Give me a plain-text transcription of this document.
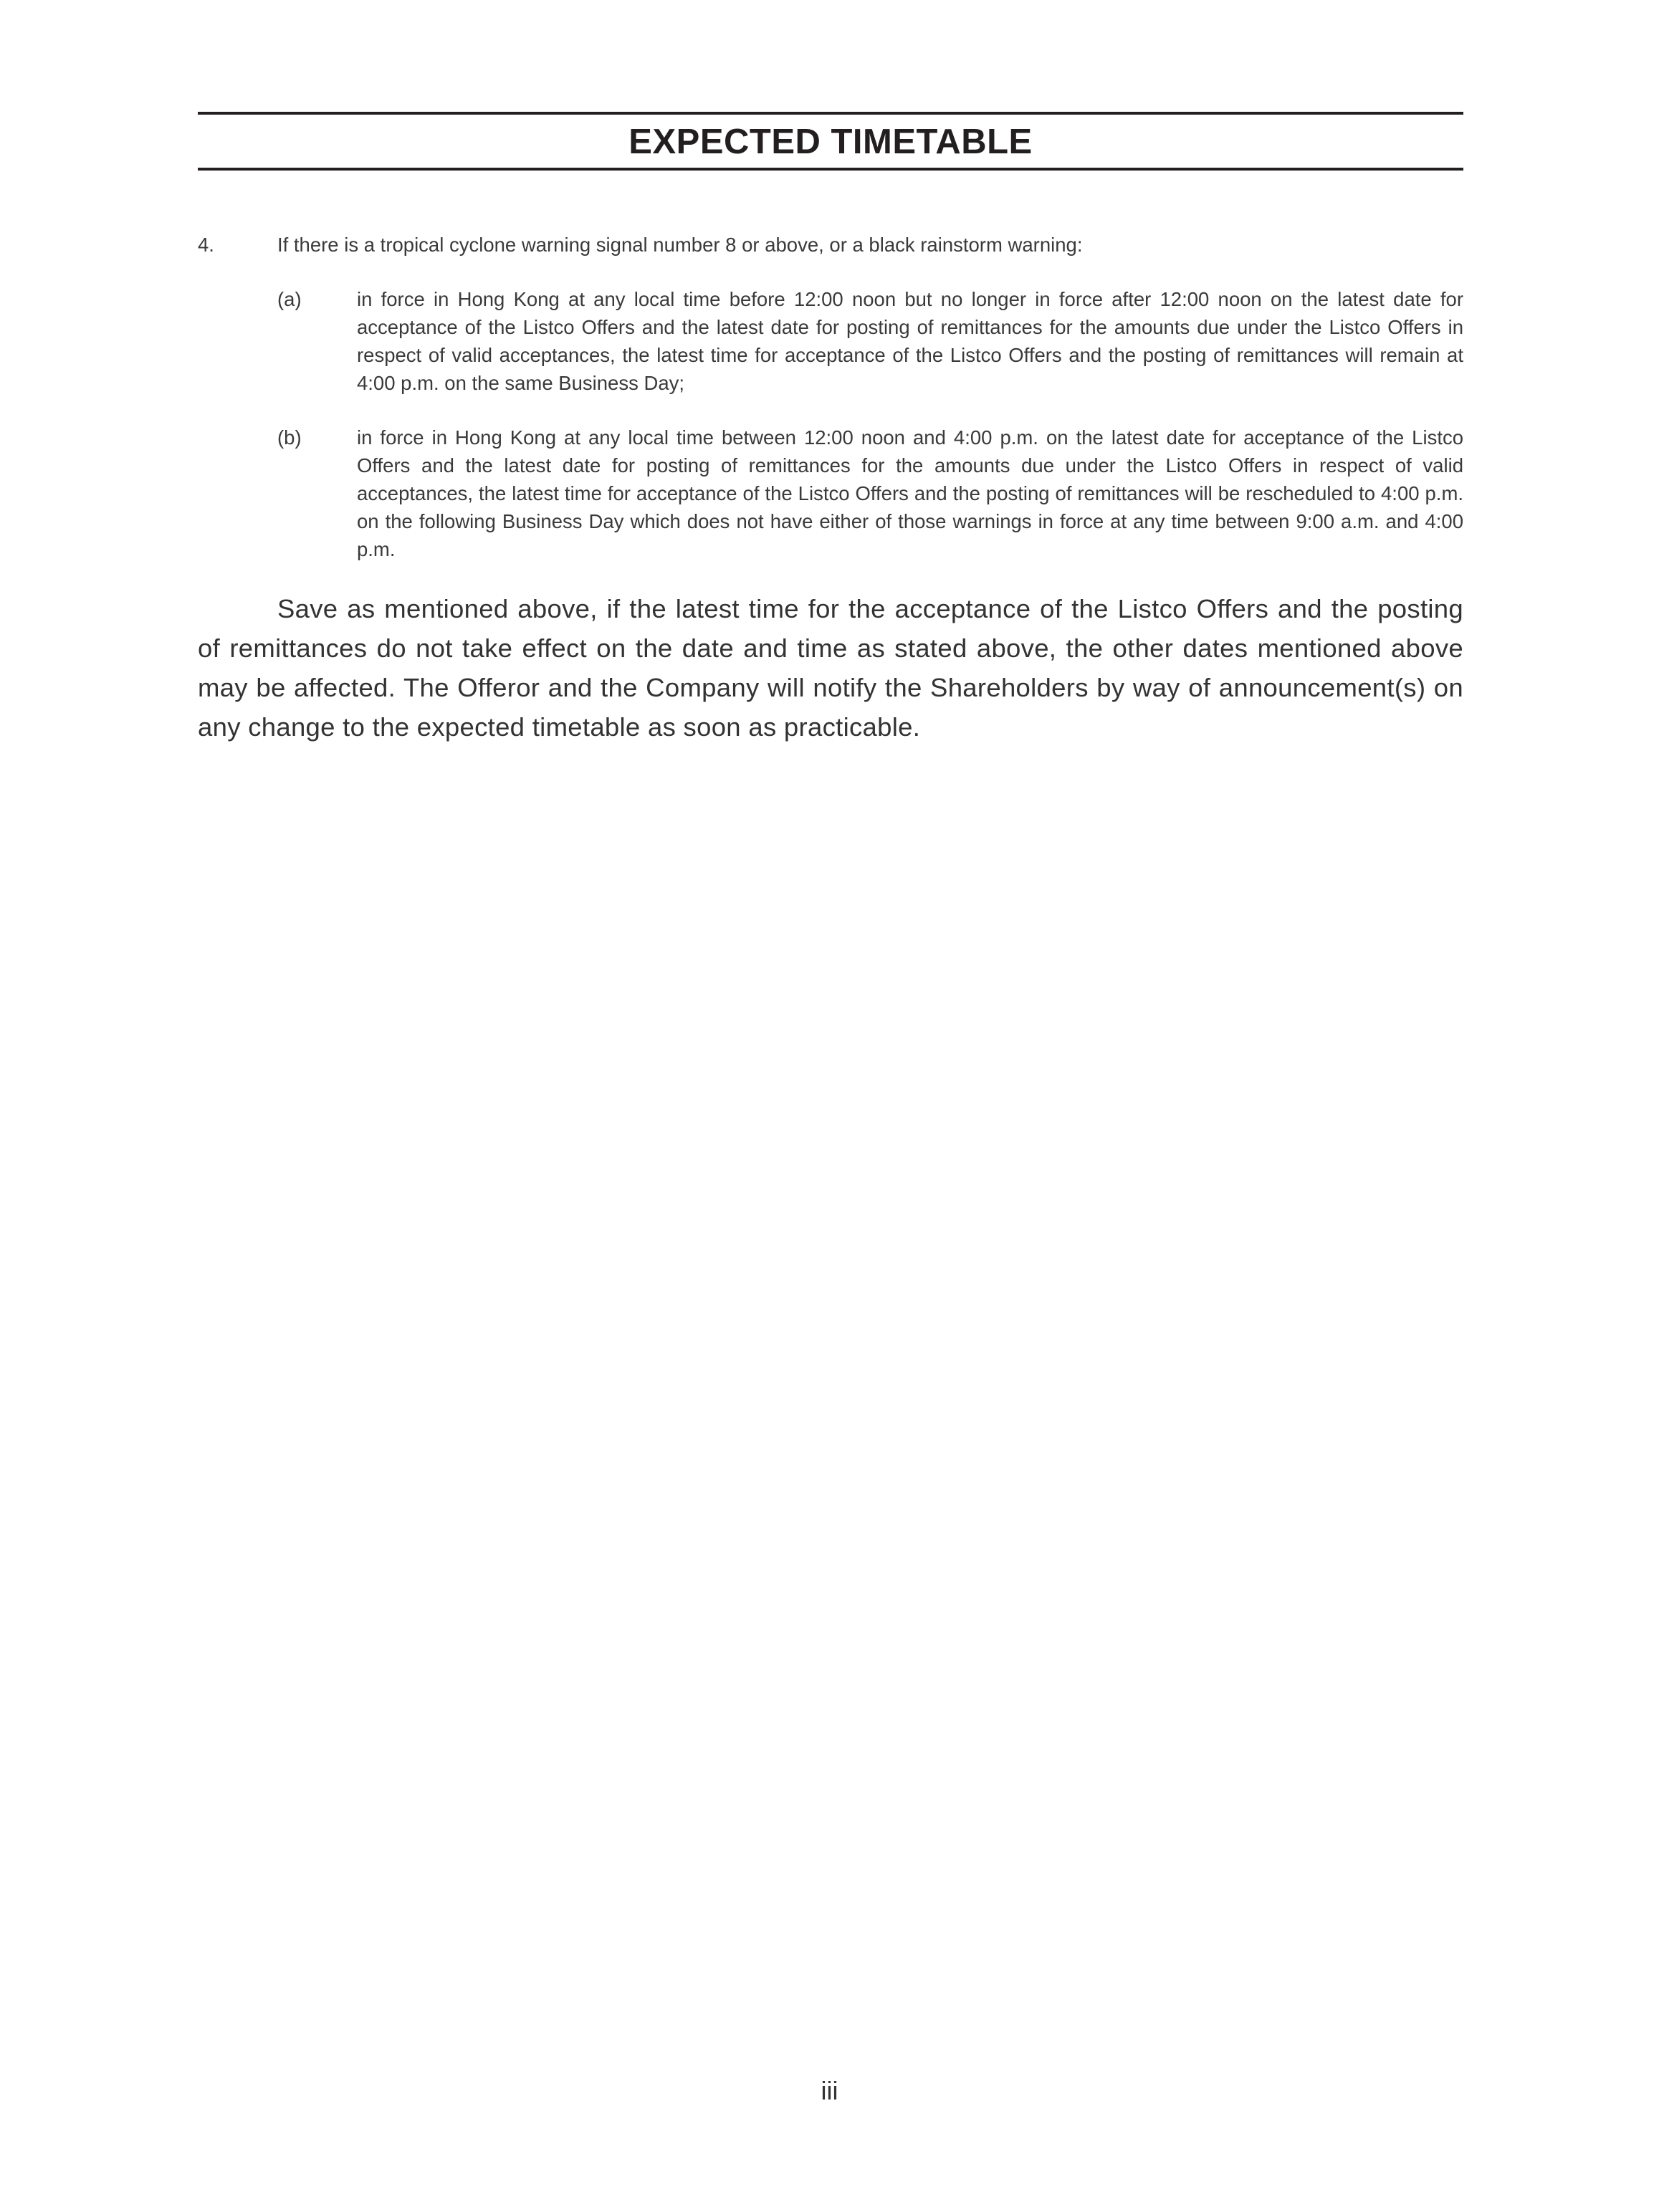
EXPECTED TIMETABLE
4.	If there is a tropical cyclone warning signal number 8 or above, or a black rainstorm warning:
(a)	in force in Hong Kong at any local time before 12:00 noon but no longer in force after 12:00 noon on the latest date for acceptance of the Listco Offers and the latest date for posting of remittances for the amounts due under the Listco Offers in respect of valid acceptances, the latest time for acceptance of the Listco Offers and the posting of remittances will remain at 4:00 p.m. on the same Business Day;
(b)	in force in Hong Kong at any local time between 12:00 noon and 4:00 p.m. on the latest date for acceptance of the Listco Offers and the latest date for posting of remittances for the amounts due under the Listco Offers in respect of valid acceptances, the latest time for acceptance of the Listco Offers and the posting of remittances will be rescheduled to 4:00 p.m. on the following Business Day which does not have either of those warnings in force at any time between 9:00 a.m. and 4:00 p.m.

Save as mentioned above, if the latest time for the acceptance of the Listco Offers and the posting of remittances do not take effect on the date and time as stated above, the other dates mentioned above may be affected. The Offeror and the Company will notify the Shareholders by way of announcement(s) on any change to the expected timetable as soon as practicable.

iii
